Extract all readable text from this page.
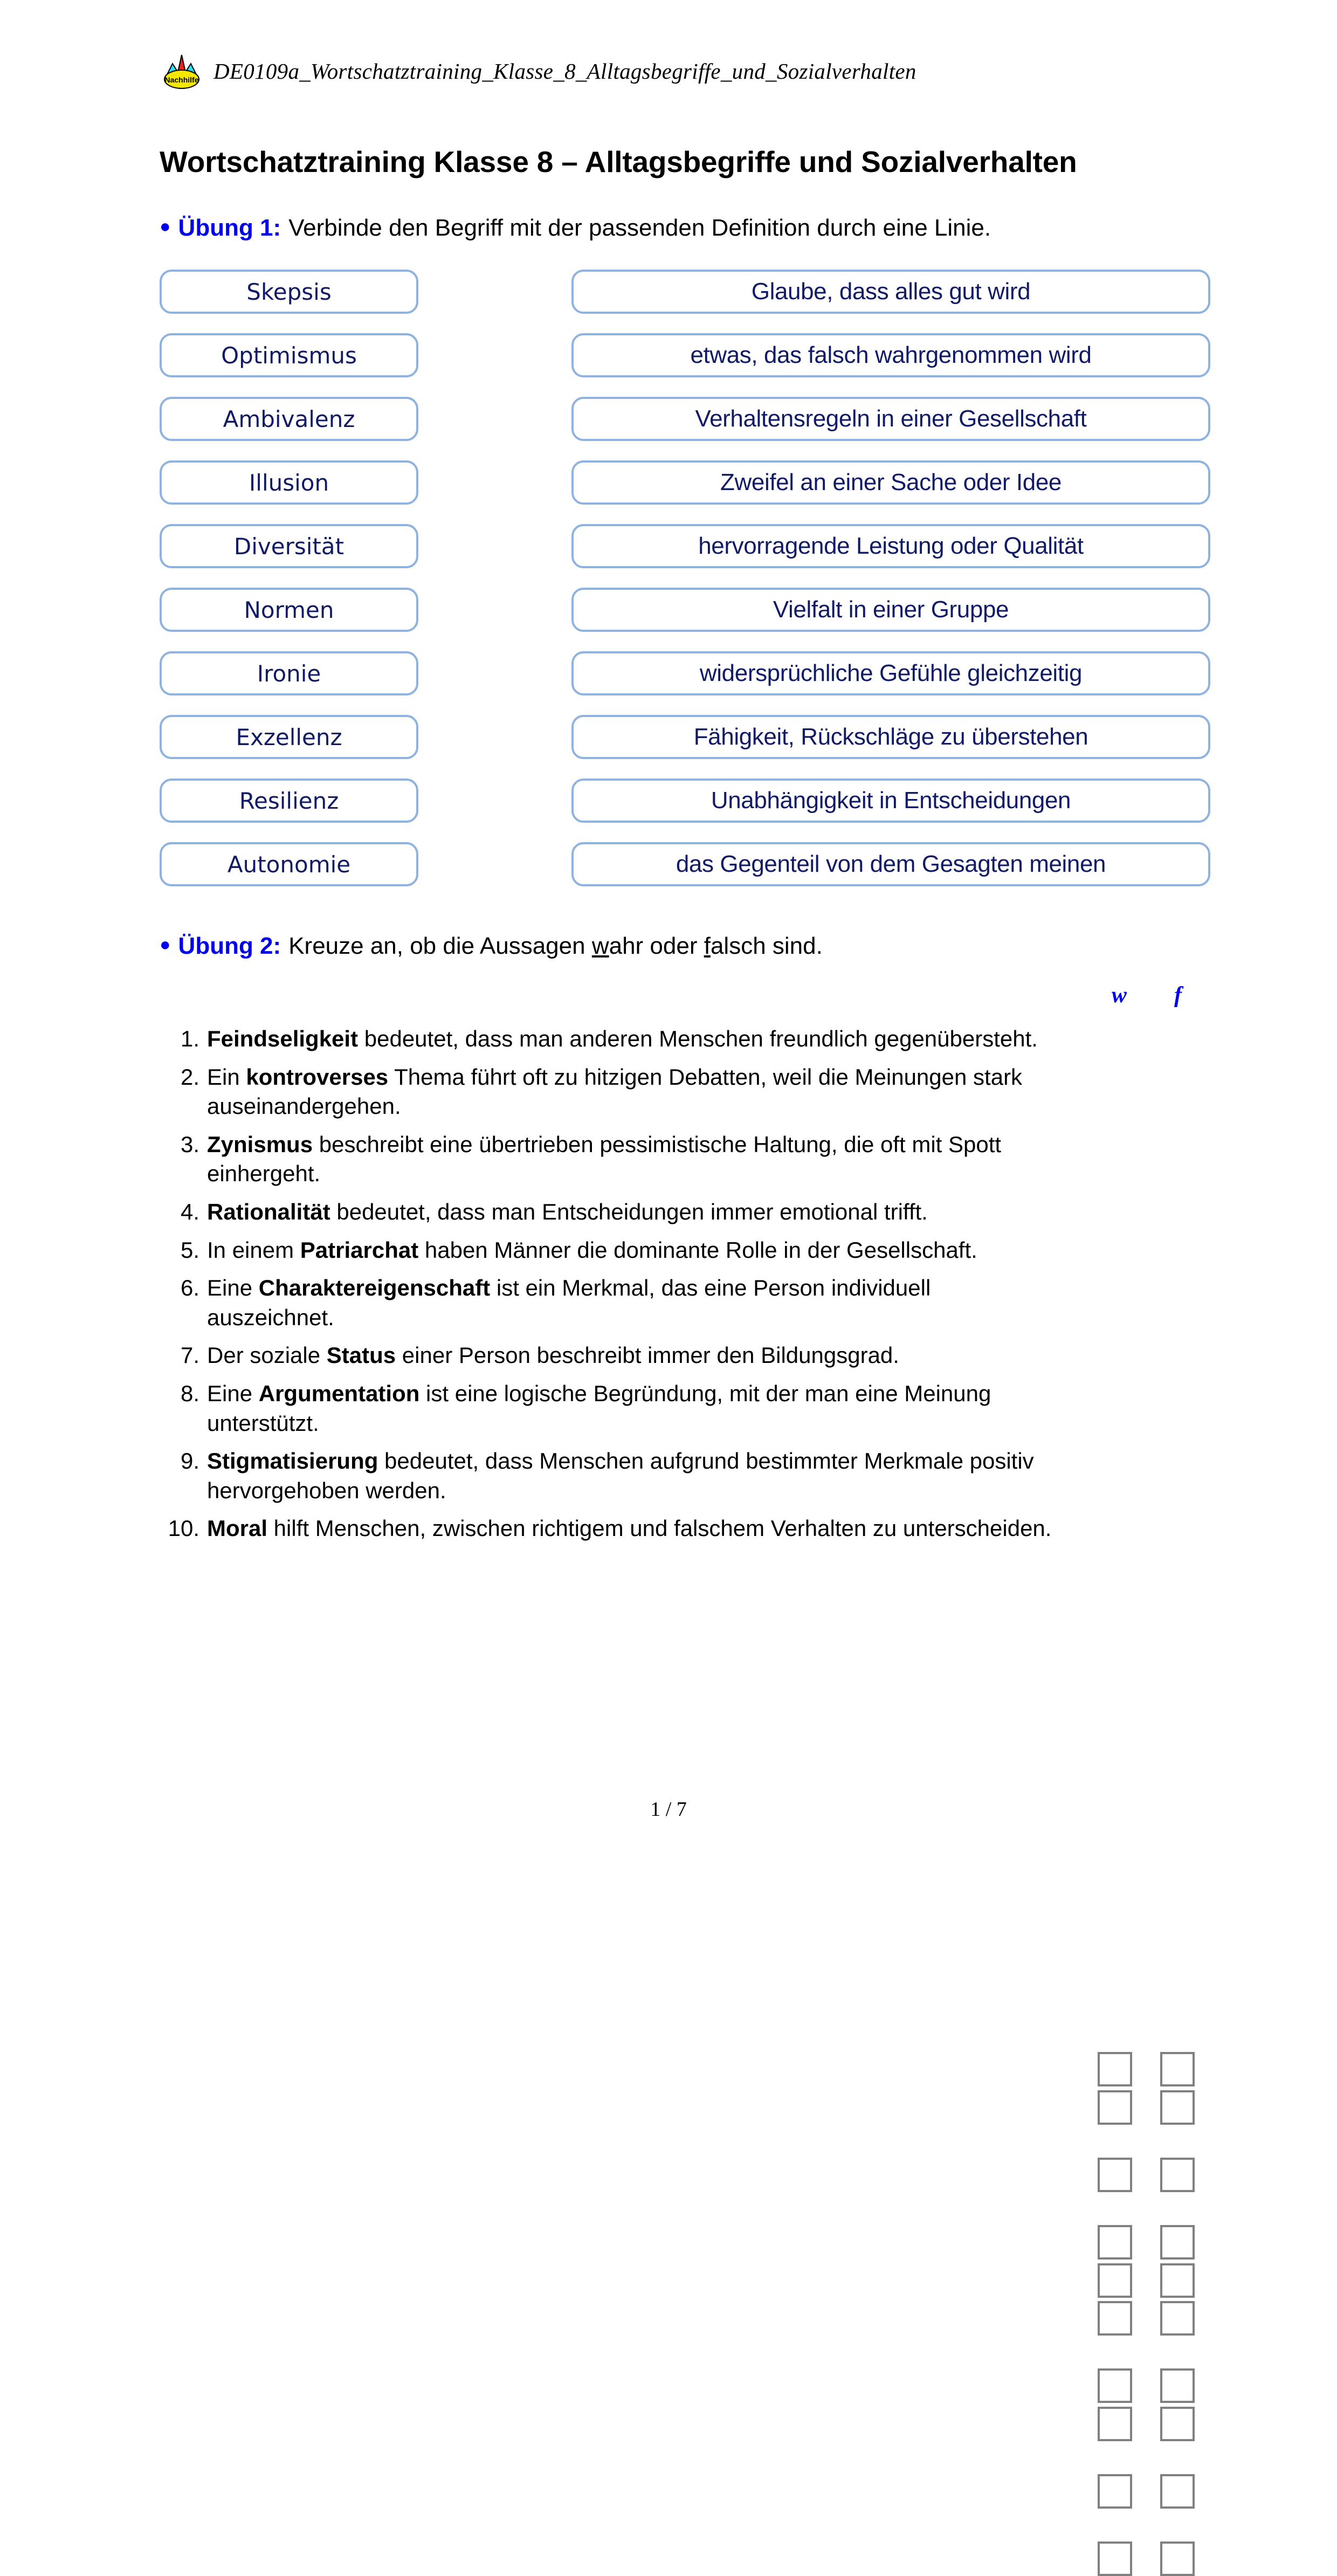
Nachhilfe DE0109a_Wortschatztraining_Klasse_8_Alltagsbegriffe_und_Sozialverhalten
Wortschatztraining Klasse 8 – Alltagsbegriffe und Sozialverhalten
● Übung 1: Verbinde den Begriff mit der passenden Definition durch eine Linie.
Skepsis
Optimismus
Ambivalenz
Illusion
Diversität
Normen
Ironie
Exzellenz
Resilienz
Autonomie
Glaube, dass alles gut wird
etwas, das falsch wahrgenommen wird
Verhaltensregeln in einer Gesellschaft
Zweifel an einer Sache oder Idee
hervorragende Leistung oder Qualität
Vielfalt in einer Gruppe
widersprüchliche Gefühle gleichzeitig
Fähigkeit, Rückschläge zu überstehen
Unabhängigkeit in Entscheidungen
das Gegenteil von dem Gesagten meinen
● Übung 2: Kreuze an, ob die Aussagen wahr oder falsch sind.
w f
1. Feindseligkeit bedeutet, dass man anderen Menschen freundlich gegenübersteht.
2. Ein kontroverses Thema führt oft zu hitzigen Debatten, weil die Meinungen stark auseinandergehen.
3. Zynismus beschreibt eine übertrieben pessimistische Haltung, die oft mit Spott einhergeht.
4. Rationalität bedeutet, dass man Entscheidungen immer emotional trifft.
5. In einem Patriarchat haben Männer die dominante Rolle in der Gesellschaft.
6. Eine Charaktereigenschaft ist ein Merkmal, das eine Person individuell auszeichnet.
7. Der soziale Status einer Person beschreibt immer den Bildungsgrad.
8. Eine Argumentation ist eine logische Begründung, mit der man eine Meinung unterstützt.
9. Stigmatisierung bedeutet, dass Menschen aufgrund bestimmter Merkmale positiv hervorgehoben werden.
10. Moral hilft Menschen, zwischen richtigem und falschem Verhalten zu unterscheiden.
1 / 7
